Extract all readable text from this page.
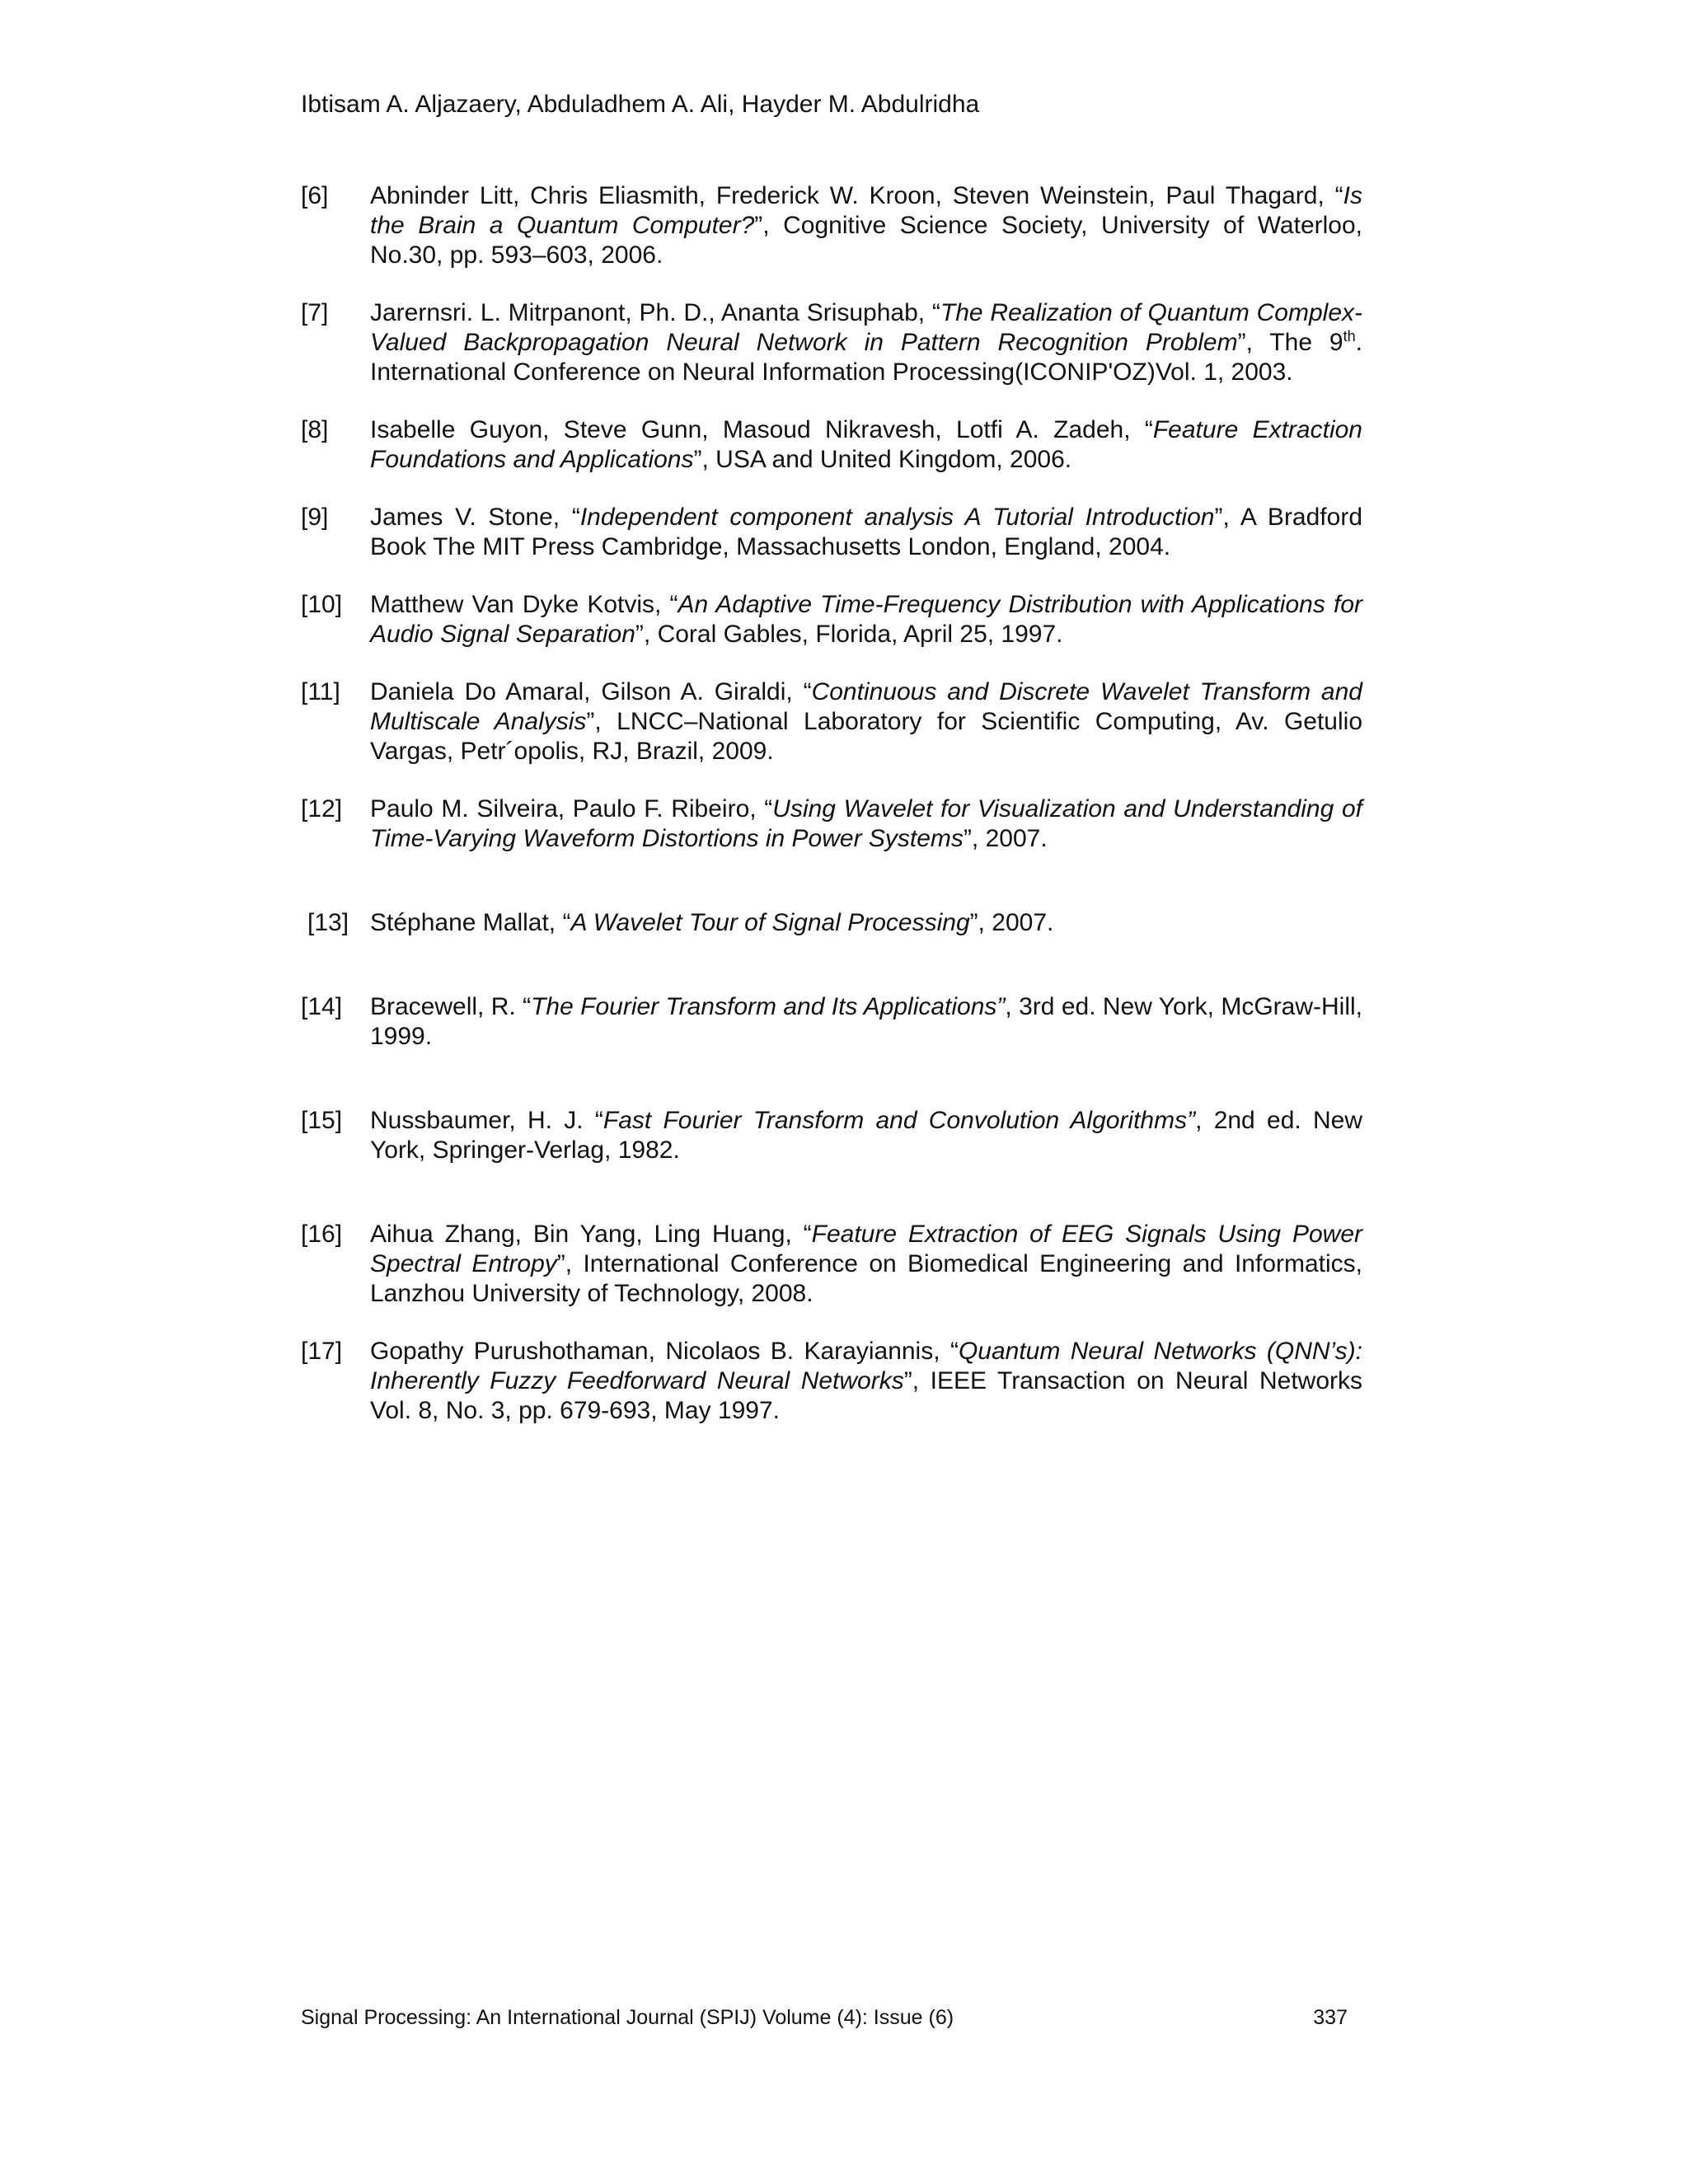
Ibtisam A. Aljazaery, Abduladhem A. Ali, Hayder M. Abdulridha
[6]	Abninder Litt, Chris Eliasmith, Frederick W. Kroon, Steven Weinstein, Paul Thagard, “Is the Brain a Quantum Computer?”, Cognitive Science Society, University of Waterloo, No.30, pp. 593–603, 2006.
[7]	Jarernsri. L. Mitrpanont, Ph. D., Ananta Srisuphab, “The Realization of Quantum Complex-Valued Backpropagation Neural Network in Pattern Recognition Problem”, The 9th. International Conference on Neural Information Processing(ICONIP'OZ)Vol. 1, 2003.
[8]	Isabelle Guyon, Steve Gunn, Masoud Nikravesh, Lotfi A. Zadeh, “Feature Extraction Foundations and Applications”, USA and United Kingdom, 2006.
[9]	James V. Stone, “Independent component analysis A Tutorial Introduction”, A Bradford Book The MIT Press Cambridge, Massachusetts London, England, 2004.
[10]	Matthew Van Dyke Kotvis, “An Adaptive Time-Frequency Distribution with Applications for Audio Signal Separation”, Coral Gables, Florida, April 25, 1997.
[11]	Daniela Do Amaral, Gilson A. Giraldi, “Continuous and Discrete Wavelet Transform and Multiscale Analysis”, LNCC–National Laboratory for Scientific Computing, Av. Getulio Vargas, Petr´opolis, RJ, Brazil, 2009.
[12]	Paulo M. Silveira, Paulo F. Ribeiro, “Using Wavelet for Visualization and Understanding of Time-Varying Waveform Distortions in Power Systems”, 2007.
[13] Stéphane Mallat, “A Wavelet Tour of Signal Processing”, 2007.
[14]	Bracewell, R. “The Fourier Transform and Its Applications”, 3rd ed. New York, McGraw-Hill, 1999.
[15]	Nussbaumer, H. J. “Fast Fourier Transform and Convolution Algorithms”, 2nd ed. New York, Springer-Verlag, 1982.
[16]	Aihua Zhang, Bin Yang, Ling Huang, “Feature Extraction of EEG Signals Using Power Spectral Entropy”, International Conference on Biomedical Engineering and Informatics, Lanzhou University of Technology, 2008.
[17]	Gopathy Purushothaman, Nicolaos B. Karayiannis, “Quantum Neural Networks (QNN’s): Inherently Fuzzy Feedforward Neural Networks”, IEEE Transaction on Neural Networks Vol. 8, No. 3, pp. 679-693, May 1997.
Signal Processing: An International Journal (SPIJ) Volume (4): Issue (6)	337
